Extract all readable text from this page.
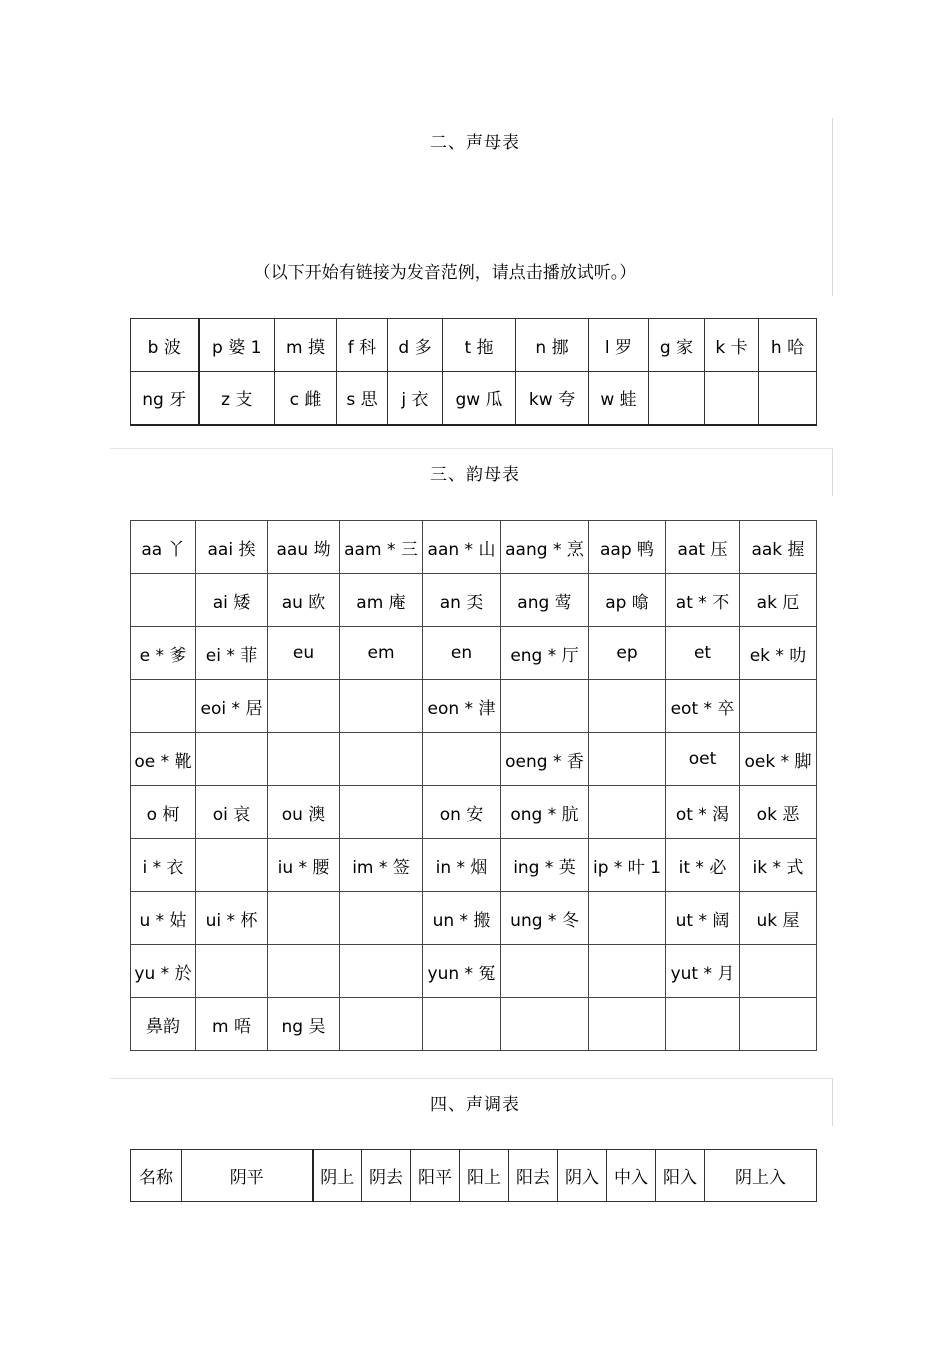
二、声母表
（以下开始有链接为发音范例，请点击播放试听。）
b 波	p 婆 1	m 摸	f 科	d 多	t 拖	n 挪	l 罗	g 家	k 卡	h 哈
ng 牙	z 支	c 雌	s 思	j 衣	gw 瓜	kw 夸	w 蛙			
三、韵母表
aa 丫	aai 挨	aau 坳	aam * 三	aan * 山	aang * 烹	aap 鸭	aat 压	aak 握
	ai 矮	au 欧	am 庵	an 奀	ang 莺	ap 噏	at * 不	ak 厄
e * 爹	ei * 菲	eu	em	en	eng * 厅	ep	et	ek * 叻
	eoi * 居			eon * 津			eot * 卒	
oe * 靴					oeng * 香		oet	oek * 脚
o 柯	oi 哀	ou 澳		on 安	ong * 肮		ot * 渴	ok 恶
i * 衣		iu * 腰	im * 签	in * 烟	ing * 英	ip * 叶 1	it * 必	ik * 式
u * 姑	ui * 杯			un * 搬	ung * 冬		ut * 阔	uk 屋
yu * 於				yun * 冤			yut * 月	
鼻韵	m 唔	ng 吴						
四、声调表
名称	阴平	阴上	阴去	阳平	阳上	阳去	阴入	中入	阳入	阴上入
